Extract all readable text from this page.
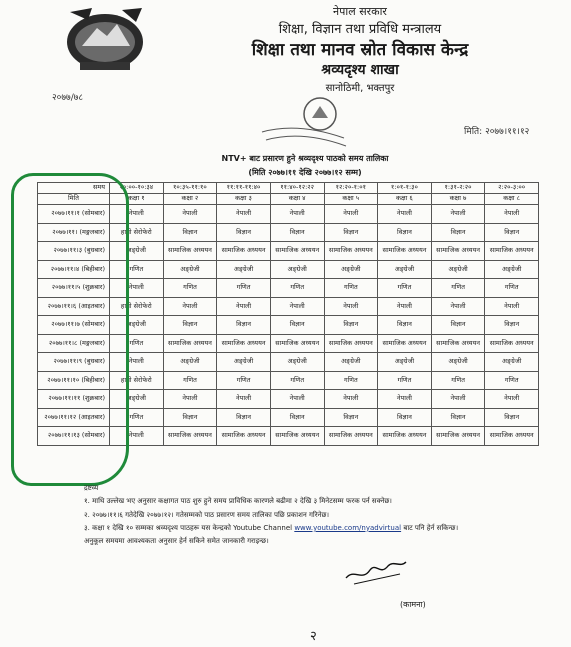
नेपाल सरकार
शिक्षा, विज्ञान तथा प्रविधि मन्त्रालय
शिक्षा तथा मानव स्रोत विकास केन्द्र
श्रव्यदृश्य शाखा
सानोठिमी, भक्तपुर
२०७७/७८
मिति: २०७७।११।१२
NTV+ बाट प्रसारण हुने श्रव्यदृश्य पाठको समय तालिका
(मिति २०७७।११ देखि २०७७।१२ सम्म)
समय	१०:००-१०:३४	१०:३५-११:१०	११:११-११:४०	११:४०-१२:२२	१२:२०-१:०१	१:०१-१:३०	१:३१-२:२०	२:२०-३:००
मिति	कक्षा १	कक्षा २	कक्षा ३	कक्षा ४	कक्षा ५	कक्षा ६	कक्षा ७	कक्षा ८
२०७७।११।१ (सोमबार)	नेपाली	नेपाली	नेपाली	नेपाली	नेपाली	नेपाली	नेपाली	नेपाली
२०७७।११। (मङ्गलबार)	हाम्रो सेरोफेरो	विज्ञान	विज्ञान	विज्ञान	विज्ञान	विज्ञान	विज्ञान	विज्ञान
२०७७।११।३ (बुधबार)	अङ्ग्रेजी	सामाजिक अध्ययन	सामाजिक अध्ययन	सामाजिक अध्ययन	सामाजिक अध्ययन	सामाजिक अध्ययन	सामाजिक अध्ययन	सामाजिक अध्ययन
२०७७।११।४ (बिहीबार)	गणित	अङ्ग्रेजी	अङ्ग्रेजी	अङ्ग्रेजी	अङ्ग्रेजी	अङ्ग्रेजी	अङ्ग्रेजी	अङ्ग्रेजी
२०७७।११।५ (शुक्रबार)	नेपाली	गणित	गणित	गणित	गणित	गणित	गणित	गणित
२०७७।११।६ (आइतबार)	हाम्रो सेरोफेरो	नेपाली	नेपाली	नेपाली	नेपाली	नेपाली	नेपाली	नेपाली
२०७७।११।७ (सोमबार)	अङ्ग्रेजी	विज्ञान	विज्ञान	विज्ञान	विज्ञान	विज्ञान	विज्ञान	विज्ञान
२०७७।११।८ (मङ्गलबार)	गणित	सामाजिक अध्ययन	सामाजिक अध्ययन	सामाजिक अध्ययन	सामाजिक अध्ययन	सामाजिक अध्ययन	सामाजिक अध्ययन	सामाजिक अध्ययन
२०७७।११।९ (बुधबार)	नेपाली	अङ्ग्रेजी	अङ्ग्रेजी	अङ्ग्रेजी	अङ्ग्रेजी	अङ्ग्रेजी	अङ्ग्रेजी	अङ्ग्रेजी
२०७७।११।१० (बिहीबार)	हाम्रो सेरोफेरो	गणित	गणित	गणित	गणित	गणित	गणित	गणित
२०७७।११।११ (शुक्रबार)	अङ्ग्रेजी	नेपाली	नेपाली	नेपाली	नेपाली	नेपाली	नेपाली	नेपाली
२०७७।११।१२ (आइतबार)	गणित	विज्ञान	विज्ञान	विज्ञान	विज्ञान	विज्ञान	विज्ञान	विज्ञान
२०७७।११।१३ (सोमबार)	नेपाली	सामाजिक अध्ययन	सामाजिक अध्ययन	सामाजिक अध्ययन	सामाजिक अध्ययन	सामाजिक अध्ययन	सामाजिक अध्ययन	सामाजिक अध्ययन
द्रष्टव्य
१. माथि उल्लेख भए अनुसार कक्षागत पाठ शुरु हुने समय प्राविधिक कारणले बढीमा २ देखि ३ मिनेटसम्म फरक पर्न सक्नेछ।
२. २०७७।११।६ गतेदेखि २०७७।१२। गतेसम्मको पाठ प्रसारण समय तालिका पछि प्रकाशन गरिनेछ।
३. कक्षा १ देखि १० सम्मका श्रव्यदृश्य पाठहरू यस केन्द्रको Youtube Channel www.youtube.com/nyadvirtual बाट पनि हेर्न सकिन्छ।
अनुकूल समयमा आवश्यकता अनुसार हेर्न सकिने समेत जानकारी गराइन्छ।
(कामना)
२
